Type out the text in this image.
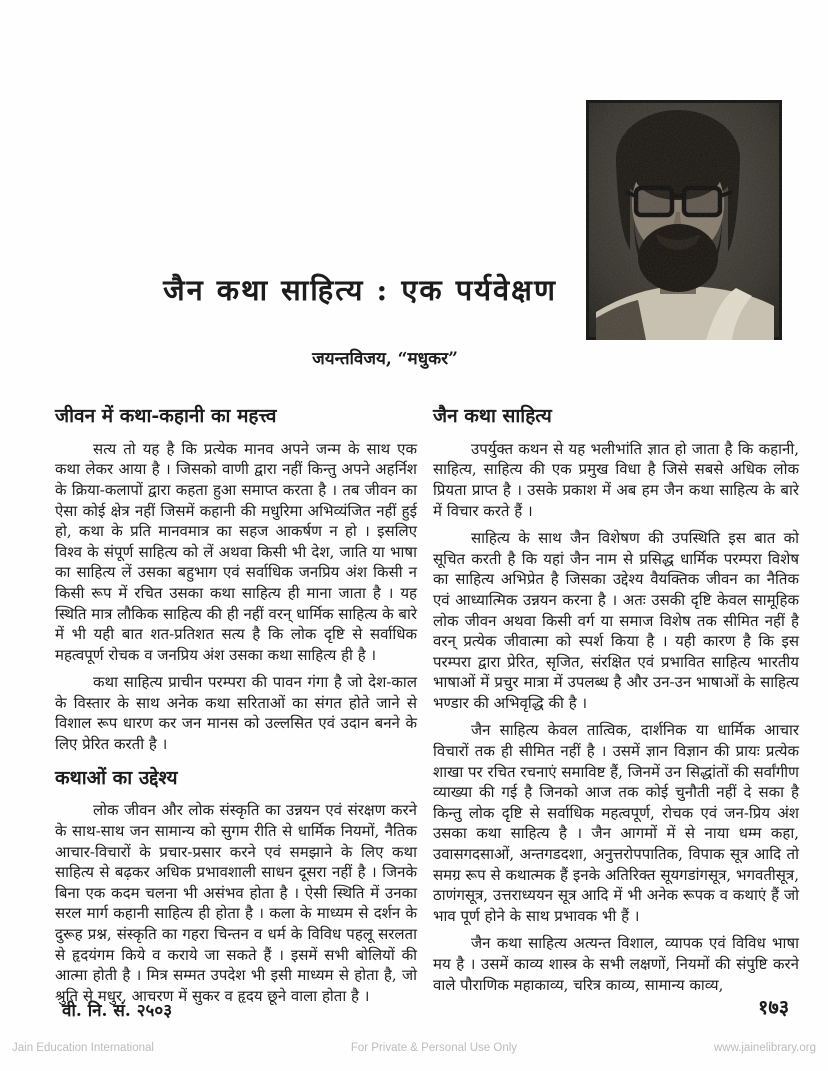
जैन कथा साहित्य : एक पर्यवेक्षण
जयन्तविजय, “मधुकर”
जीवन में कथा-कहानी का महत्त्व

सत्य तो यह है कि प्रत्येक मानव अपने जन्म के साथ एक कथा लेकर आया है । जिसको वाणी द्वारा नहीं किन्तु अपने अहर्निश के क्रिया-कलापों द्वारा कहता हुआ समाप्त करता है । तब जीवन का ऐसा कोई क्षेत्र नहीं जिसमें कहानी की मधुरिमा अभिव्यंजित नहीं हुई हो, कथा के प्रति मानवमात्र का सहज आकर्षण न हो । इसलिए विश्व के संपूर्ण साहित्य को लें अथवा किसी भी देश, जाति या भाषा का साहित्य लें उसका बहुभाग एवं सर्वाधिक जनप्रिय अंश किसी न किसी रूप में रचित उसका कथा साहित्य ही माना जाता है । यह स्थिति मात्र लौकिक साहित्य की ही नहीं वरन् धार्मिक साहित्य के बारे में भी यही बात शत-प्रतिशत सत्य है कि लोक दृष्टि से सर्वाधिक महत्वपूर्ण रोचक व जनप्रिय अंश उसका कथा साहित्य ही है ।

कथा साहित्य प्राचीन परम्परा की पावन गंगा है जो देश-काल के विस्तार के साथ अनेक कथा सरिताओं का संगत होते जाने से विशाल रूप धारण कर जन मानस को उल्लसित एवं उदान बनने के लिए प्रेरित करती है ।

कथाओं का उद्देश्य

लोक जीवन और लोक संस्कृति का उन्नयन एवं संरक्षण करने के साथ-साथ जन सामान्य को सुगम रीति से धार्मिक नियमों, नैतिक आचार-विचारों के प्रचार-प्रसार करने एवं समझाने के लिए कथा साहित्य से बढ़कर अधिक प्रभावशाली साधन दूसरा नहीं है । जिनके बिना एक कदम चलना भी असंभव होता है । ऐसी स्थिति में उनका सरल मार्ग कहानी साहित्य ही होता है । कला के माध्यम से दर्शन के दुरूह प्रश्न, संस्कृति का गहरा चिन्तन व धर्म के विविध पहलू सरलता से हृदयंगम किये व कराये जा सकते हैं । इसमें सभी बोलियों की आत्मा होती है । मित्र सम्मत उपदेश भी इसी माध्यम से होता है, जो श्रुति से मधुर, आचरण में सुकर व हृदय छूने वाला होता है ।

जैन कथा साहित्य

उपर्युक्त कथन से यह भलीभांति ज्ञात हो जाता है कि कहानी, साहित्य, साहित्य की एक प्रमुख विधा है जिसे सबसे अधिक लोक प्रियता प्राप्त है । उसके प्रकाश में अब हम जैन कथा साहित्य के बारे में विचार करते हैं ।

साहित्य के साथ जैन विशेषण की उपस्थिति इस बात को सूचित करती है कि यहां जैन नाम से प्रसिद्ध धार्मिक परम्परा विशेष का साहित्य अभिप्रेत है जिसका उद्देश्य वैयक्तिक जीवन का नैतिक एवं आध्यात्मिक उन्नयन करना है । अतः उसकी दृष्टि केवल सामूहिक लोक जीवन अथवा किसी वर्ग या समाज विशेष तक सीमित नहीं है वरन् प्रत्येक जीवात्मा को स्पर्श किया है । यही कारण है कि इस परम्परा द्वारा प्रेरित, सृजित, संरक्षित एवं प्रभावित साहित्य भारतीय भाषाओं में प्रचुर मात्रा में उपलब्ध है और उन-उन भाषाओं के साहित्य भण्डार की अभिवृद्धि की है ।

जैन साहित्य केवल तात्विक, दार्शनिक या धार्मिक आचार विचारों तक ही सीमित नहीं है । उसमें ज्ञान विज्ञान की प्रायः प्रत्येक शाखा पर रचित रचनाएं समाविष्ट हैं, जिनमें उन सिद्धांतों की सर्वांगीण व्याख्या की गई है जिनको आज तक कोई चुनौती नहीं दे सका है किन्तु लोक दृष्टि से सर्वाधिक महत्वपूर्ण, रोचक एवं जन-प्रिय अंश उसका कथा साहित्य है । जैन आगमों में से नाया धम्म कहा, उवासगदसाओं, अन्तगडदशा, अनुत्तरोपपातिक, विपाक सूत्र आदि तो समग्र रूप से कथात्मक हैं इनके अतिरिक्त सूयगडांगसूत्र, भगवतीसूत्र, ठाणंगसूत्र, उत्तराध्ययन सूत्र आदि में भी अनेक रूपक व कथाएं हैं जो भाव पूर्ण होने के साथ प्रभावक भी हैं ।

जैन कथा साहित्य अत्यन्त विशाल, व्यापक एवं विविध भाषा मय है । उसमें काव्य शास्त्र के सभी लक्षणों, नियमों की संपुष्टि करने वाले पौराणिक महाकाव्य, चरित्र काव्य, सामान्य काव्य,

वी. नि. सं. २५०३	१७३
Jain Education International	For Private & Personal Use Only	www.jainelibrary.org
